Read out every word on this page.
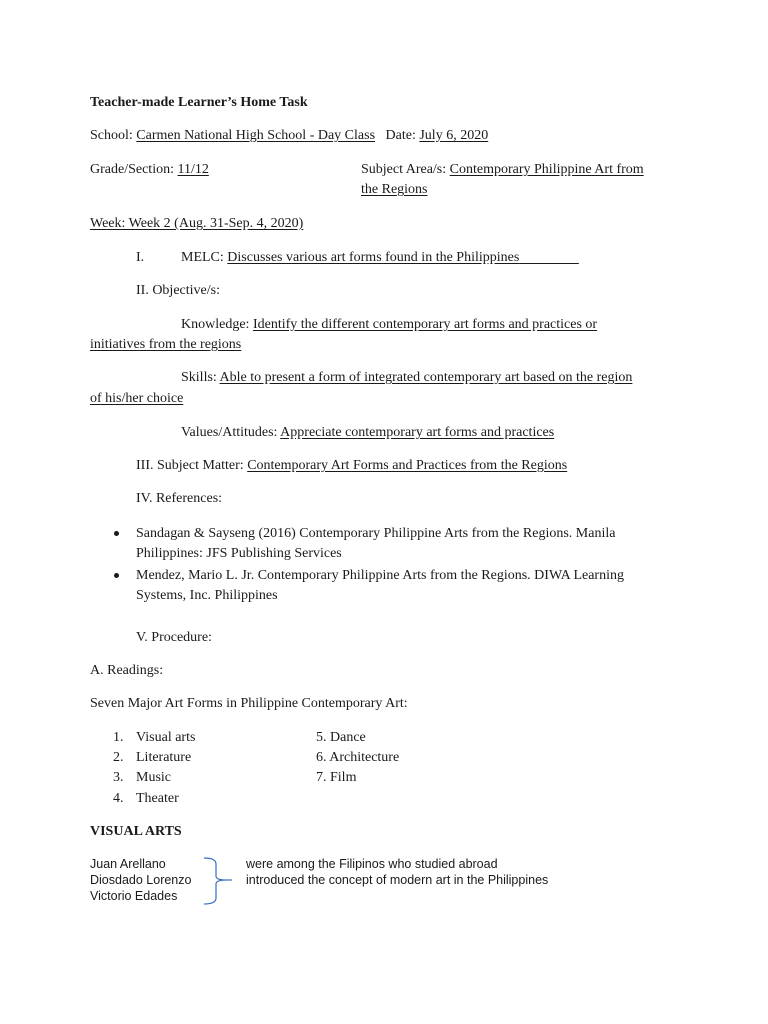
Teacher-made Learner’s Home Task
School: Carmen National High School - Day Class Date: July 6, 2020
Grade/Section: 11/12	Subject Area/s: Contemporary Philippine Art from
the Regions
Week: Week 2 (Aug. 31-Sep. 4, 2020)
I.	MELC: Discusses various art forms found in the Philippines
II. Objective/s:
Knowledge: Identify the different contemporary art forms and practices or
initiatives from the regions
Skills: Able to present a form of integrated contemporary art based on the region
of his/her choice
Values/Attitudes: Appreciate contemporary art forms and practices
III. Subject Matter: Contemporary Art Forms and Practices from the Regions
IV. References:
Sandagan & Sayseng (2016) Contemporary Philippine Arts from the Regions. Manila
Philippines: JFS Publishing Services
Mendez, Mario L. Jr. Contemporary Philippine Arts from the Regions. DIWA Learning
Systems, Inc. Philippines
V. Procedure:
A. Readings:
Seven Major Art Forms in Philippine Contemporary Art:
1. Visual arts
2. Literature
3. Music
4. Theater
5. Dance
6. Architecture
7. Film
VISUAL ARTS
Juan Arellano
Diosdado Lorenzo
Victorio Edades
were among the Filipinos who studied abroad
introduced the concept of modern art in the Philippines
